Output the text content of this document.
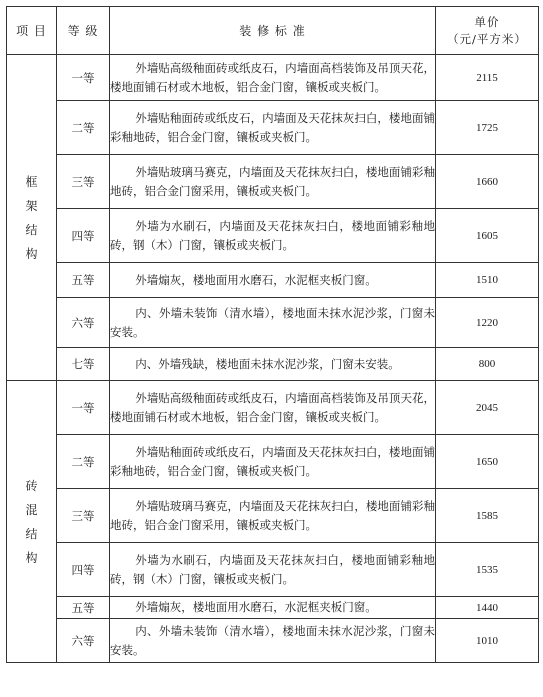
项 目	等 级	装 修 标 准	单价
（元/平方米）

框
架
结
构	一等	外墙贴高级釉面砖或纸皮石，内墙面高档装饰及吊顶天花，楼地面铺石材或木地板，铝合金门窗，镶板或夹板门。	2115
	二等	外墙贴釉面砖或纸皮石，内墙面及天花抹灰扫白，楼地面铺彩釉地砖，铝合金门窗，镶板或夹板门。	1725
	三等	外墙贴玻璃马赛克，内墙面及天花抹灰扫白，楼地面铺彩釉地砖，铝合金门窗采用，镶板或夹板门。	1660
	四等	外墙为水刷石，内墙面及天花抹灰扫白，楼地面铺彩釉地砖，钢（木）门窗，镶板或夹板门。	1605
	五等	外墙煽灰，楼地面用水磨石，水泥框夹板门窗。	1510
	六等	内、外墙未装饰（清水墙），楼地面未抹水泥沙浆，门窗未安装。	1220
	七等	内、外墙残缺，楼地面未抹水泥沙浆，门窗未安装。	800

砖
混
结
构	一等	外墙贴高级釉面砖或纸皮石，内墙面高档装饰及吊顶天花，楼地面铺石材或木地板，铝合金门窗，镶板或夹板门。	2045
	二等	外墙贴釉面砖或纸皮石，内墙面及天花抹灰扫白，楼地面铺彩釉地砖，铝合金门窗，镶板或夹板门。	1650
	三等	外墙贴玻璃马赛克，内墙面及天花抹灰扫白，楼地面铺彩釉地砖，铝合金门窗采用，镶板或夹板门。	1585
	四等	外墙为水刷石，内墙面及天花抹灰扫白，楼地面铺彩釉地砖，钢（木）门窗，镶板或夹板门。	1535
	五等	外墙煽灰，楼地面用水磨石，水泥框夹板门窗。	1440
	六等	内、外墙未装饰（清水墙），楼地面未抹水泥沙浆，门窗未安装。	1010
